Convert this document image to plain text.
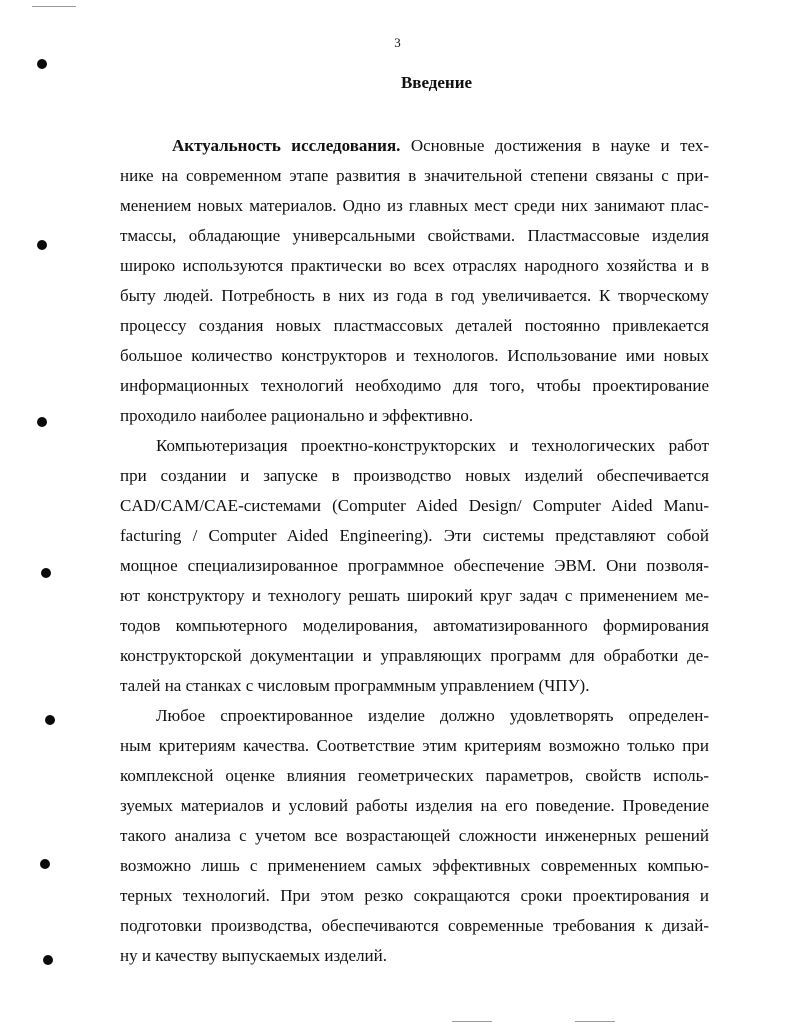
3
Введение
Актуальность исследования. Основные достижения в науке и тех-
нике на современном этапе развития в значительной степени связаны с при-
менением новых материалов. Одно из главных мест среди них занимают плас-
тмассы, обладающие универсальными свойствами. Пластмассовые изделия
широко используются практически во всех отраслях народного хозяйства и в
быту людей. Потребность в них из года в год увеличивается. К творческому
процессу создания новых пластмассовых деталей постоянно привлекается
большое количество конструкторов и технологов. Использование ими новых
информационных технологий необходимо для того, чтобы проектирование
проходило наиболее рационально и эффективно.
Компьютеризация проектно-конструкторских и технологических работ
при создании и запуске в производство новых изделий обеспечивается
CAD/CAM/CAE-системами (Computer Aided Design/ Computer Aided Manu-
facturing / Computer Aided Engineering). Эти системы представляют собой
мощное специализированное программное обеспечение ЭВМ. Они позволя-
ют конструктору и технологу решать широкий круг задач с применением ме-
тодов компьютерного моделирования, автоматизированного формирования
конструкторской документации и управляющих программ для обработки де-
талей на станках с числовым программным управлением (ЧПУ).
Любое спроектированное изделие должно удовлетворять определен-
ным критериям качества. Соответствие этим критериям возможно только при
комплексной оценке влияния геометрических параметров, свойств исполь-
зуемых материалов и условий работы изделия на его поведение. Проведение
такого анализа с учетом все возрастающей сложности инженерных решений
возможно лишь с применением самых эффективных современных компью-
терных технологий. При этом резко сокращаются сроки проектирования и
подготовки производства, обеспечиваются современные требования к дизай-
ну и качеству выпускаемых изделий.
